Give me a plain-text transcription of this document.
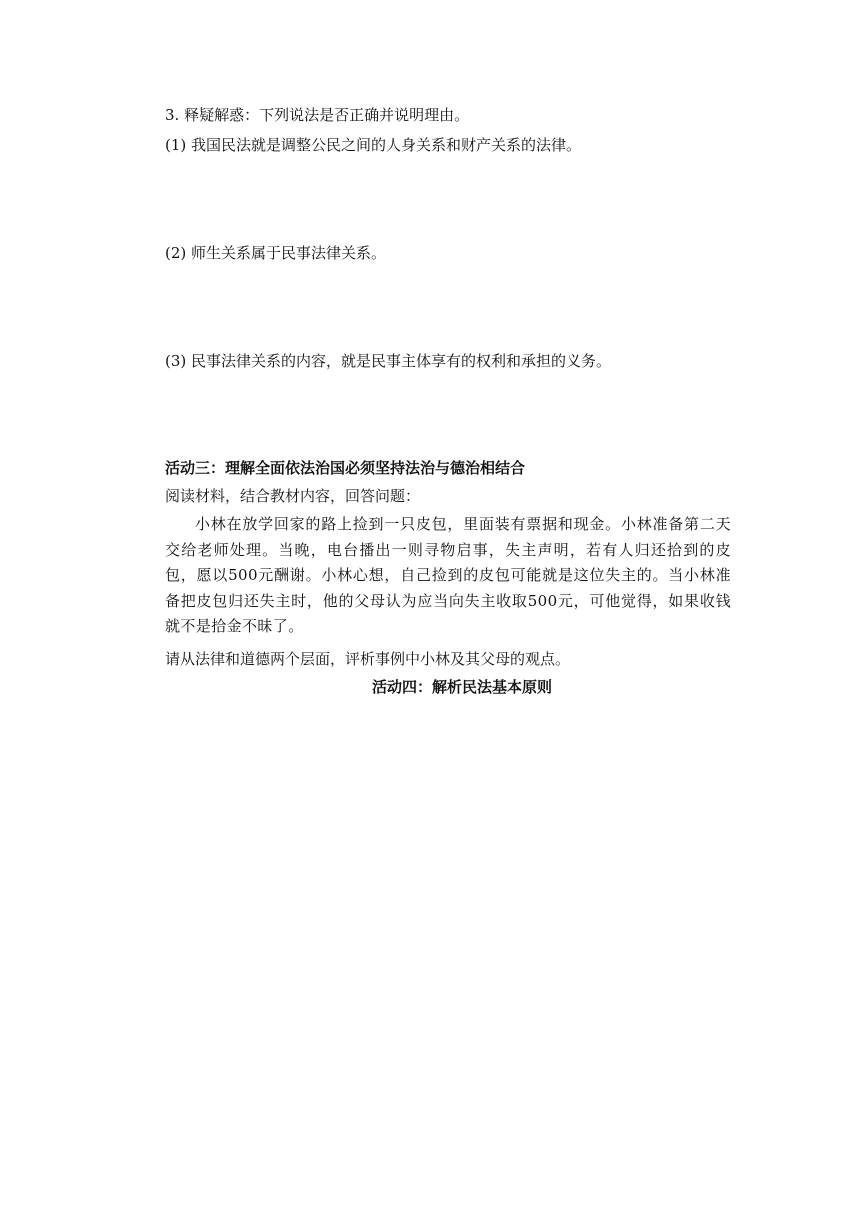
3. 释疑解惑：下列说法是否正确并说明理由。
(1) 我国民法就是调整公民之间的人身关系和财产关系的法律。
(2) 师生关系属于民事法律关系。
(3) 民事法律关系的内容，就是民事主体享有的权利和承担的义务。
活动三：理解全面依法治国必须坚持法治与德治相结合
阅读材料，结合教材内容，回答问题：
小林在放学回家的路上捡到一只皮包，里面装有票据和现金。小林准备第二天交给老师处理。当晚，电台播出一则寻物启事，失主声明，若有人归还拾到的皮包，愿以500元酬谢。小林心想，自己捡到的皮包可能就是这位失主的。当小林准备把皮包归还失主时，他的父母认为应当向失主收取500元，可他觉得，如果收钱就不是拾金不昧了。
请从法律和道德两个层面，评析事例中小林及其父母的观点。
活动四：解析民法基本原则
